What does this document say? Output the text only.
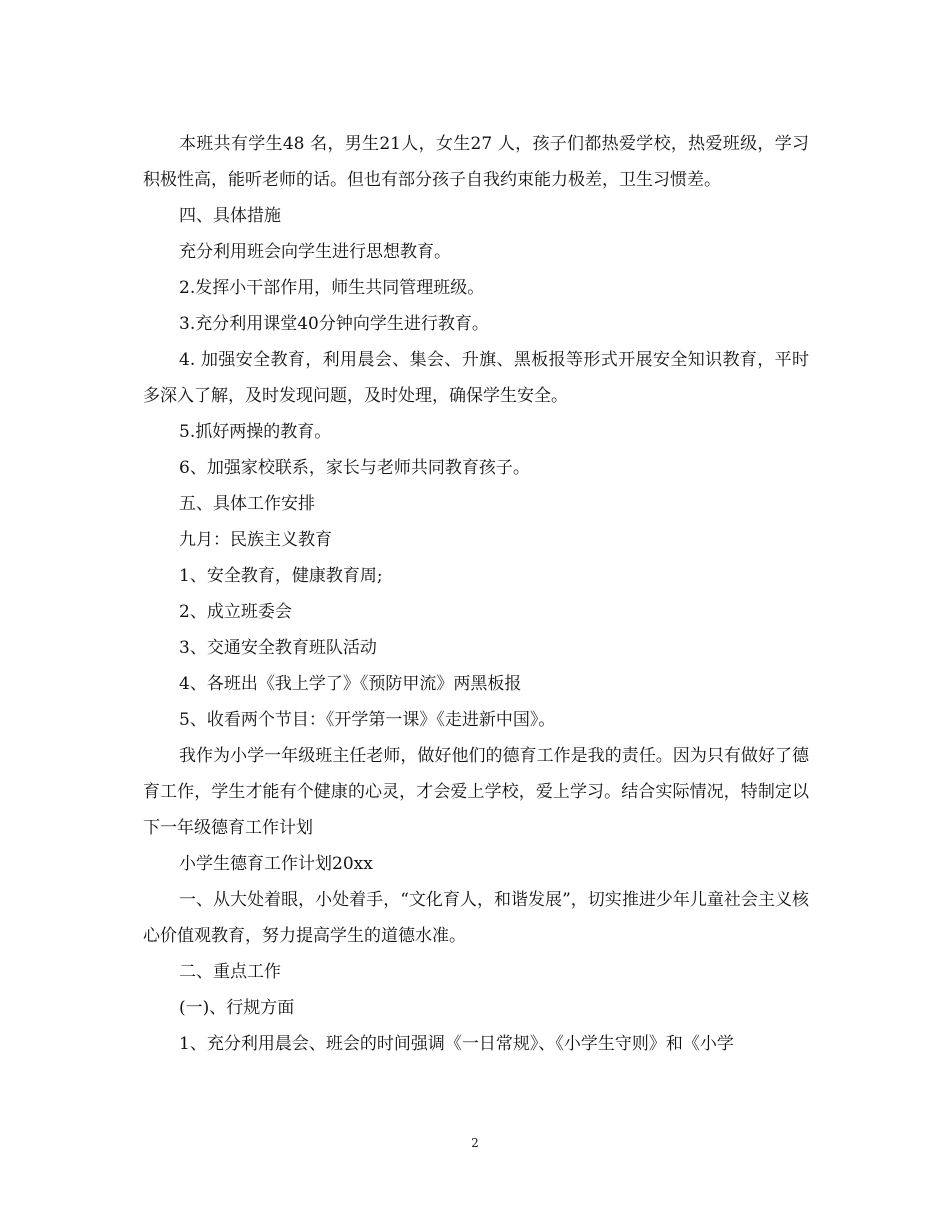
本班共有学生48 名，男生21人，女生27 人，孩子们都热爱学校，热爱班级，学习积极性高，能听老师的话。但也有部分孩子自我约束能力极差，卫生习惯差。

四、具体措施

充分利用班会向学生进行思想教育。

2.发挥小干部作用，师生共同管理班级。

3.充分利用课堂40分钟向学生进行教育。

4. 加强安全教育，利用晨会、集会、升旗、黑板报等形式开展安全知识教育，平时多深入了解，及时发现问题，及时处理，确保学生安全。

5.抓好两操的教育。

6、加强家校联系，家长与老师共同教育孩子。

五、具体工作安排

九月：民族主义教育

1、安全教育，健康教育周;

2、成立班委会

3、交通安全教育班队活动

4、各班出《我上学了》《预防甲流》两黑板报

5、收看两个节目：《开学第一课》《走进新中国》。

我作为小学一年级班主任老师，做好他们的德育工作是我的责任。因为只有做好了德育工作，学生才能有个健康的心灵，才会爱上学校，爱上学习。结合实际情况，特制定以下一年级德育工作计划

小学生德育工作计划20xx

一、从大处着眼，小处着手，“文化育人，和谐发展”，切实推进少年儿童社会主义核心价值观教育，努力提高学生的道德水准。

二、重点工作

(一)、行规方面

1、充分利用晨会、班会的时间强调《一日常规》、《小学生守则》和《小学

2
